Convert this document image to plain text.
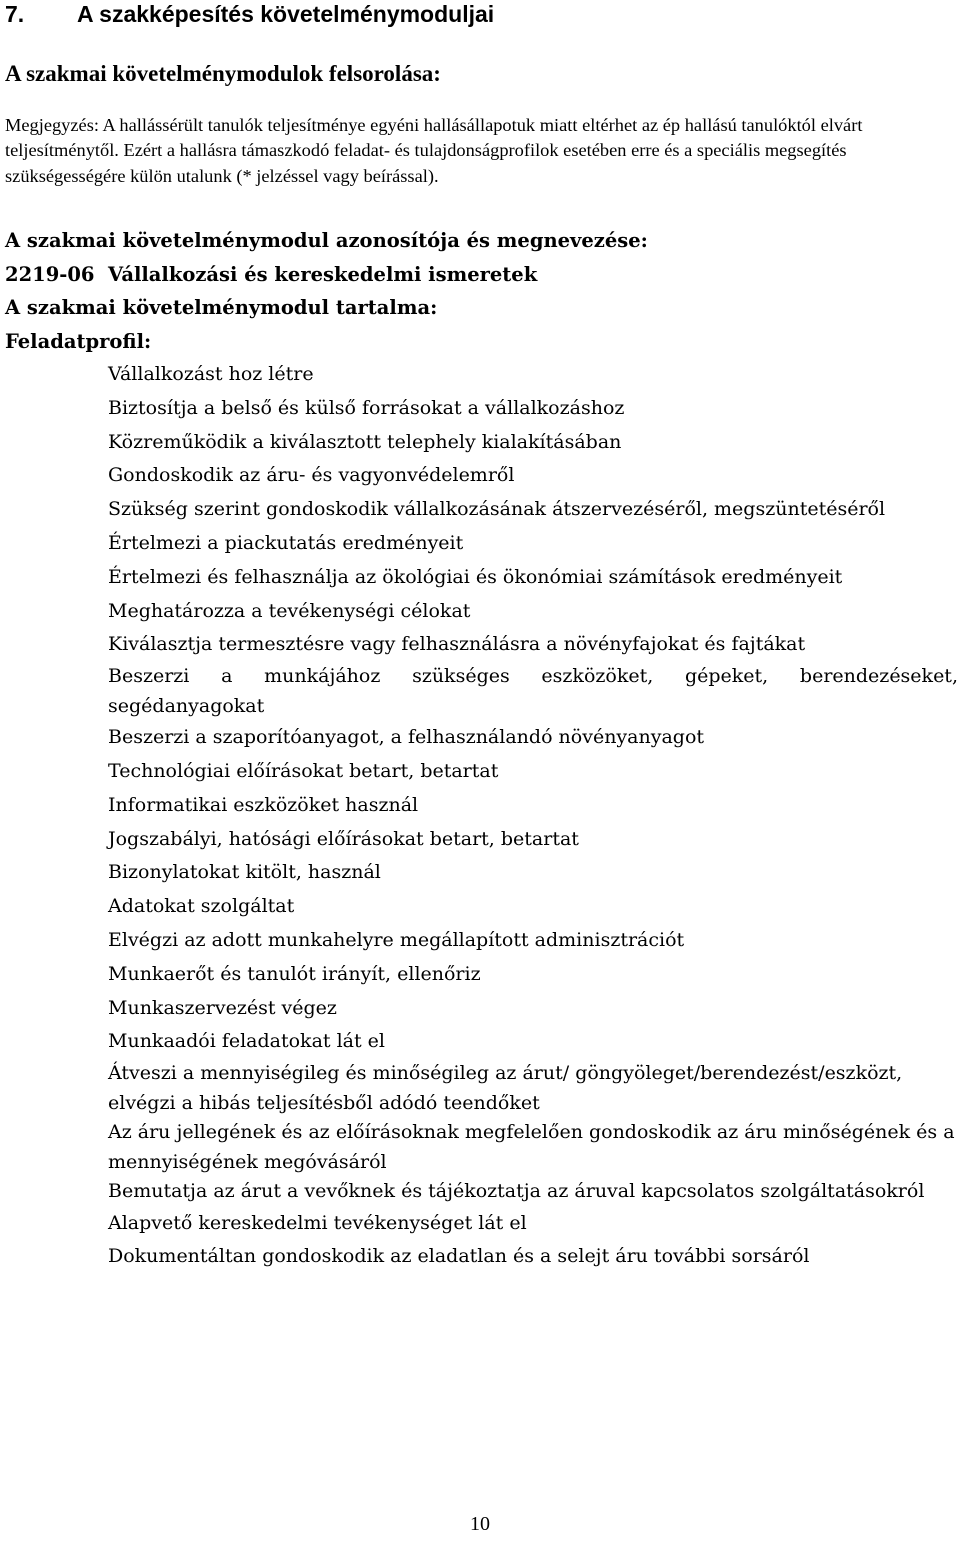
7. A szakképesítés követelménymoduljai
A szakmai követelménymodulok felsorolása:

Megjegyzés: A hallássérült tanulók teljesítménye egyéni hallásállapotuk miatt eltérhet az ép hallású tanulóktól elvárt teljesítménytől. Ezért a hallásra támaszkodó feladat- és tulajdonságprofilok esetében erre és a speciális megsegítés szükségességére külön utalunk (* jelzéssel vagy beírással).

A szakmai követelménymodul azonosítója és megnevezése:

2219-06 Vállalkozási és kereskedelmi ismeretek

A szakmai követelménymodul tartalma:

Feladatprofil:

Vállalkozást hoz létre
Biztosítja a belső és külső forrásokat a vállalkozáshoz
Közreműködik a kiválasztott telephely kialakításában
Gondoskodik az áru- és vagyonvédelemről
Szükség szerint gondoskodik vállalkozásának átszervezéséről, megszüntetéséről
Értelmezi a piackutatás eredményeit
Értelmezi és felhasználja az ökológiai és ökonómiai számítások eredményeit
Meghatározza a tevékenységi célokat
Kiválasztja termesztésre vagy felhasználásra a növényfajokat és fajtákat
Beszerzi a munkájához szükséges eszközöket, gépeket, berendezéseket, segédanyagokat
Beszerzi a szaporítóanyagot, a felhasználandó növényanyagot
Technológiai előírásokat betart, betartat
Informatikai eszközöket használ
Jogszabályi, hatósági előírásokat betart, betartat
Bizonylatokat kitölt, használ
Adatokat szolgáltat
Elvégzi az adott munkahelyre megállapított adminisztrációt
Munkaerőt és tanulót irányít, ellenőriz
Munkaszervezést végez
Munkaadói feladatokat lát el
Átveszi a mennyiségileg és minőségileg az árut/ göngyöleget/berendezést/eszközt, elvégzi a hibás teljesítésből adódó teendőket
Az áru jellegének és az előírásoknak megfelelően gondoskodik az áru minőségének és a mennyiségének megóvásáról
Bemutatja az árut a vevőknek és tájékoztatja az áruval kapcsolatos szolgáltatásokról
Alapvető kereskedelmi tevékenységet lát el
Dokumentáltan gondoskodik az eladatlan és a selejt áru további sorsáról

10
